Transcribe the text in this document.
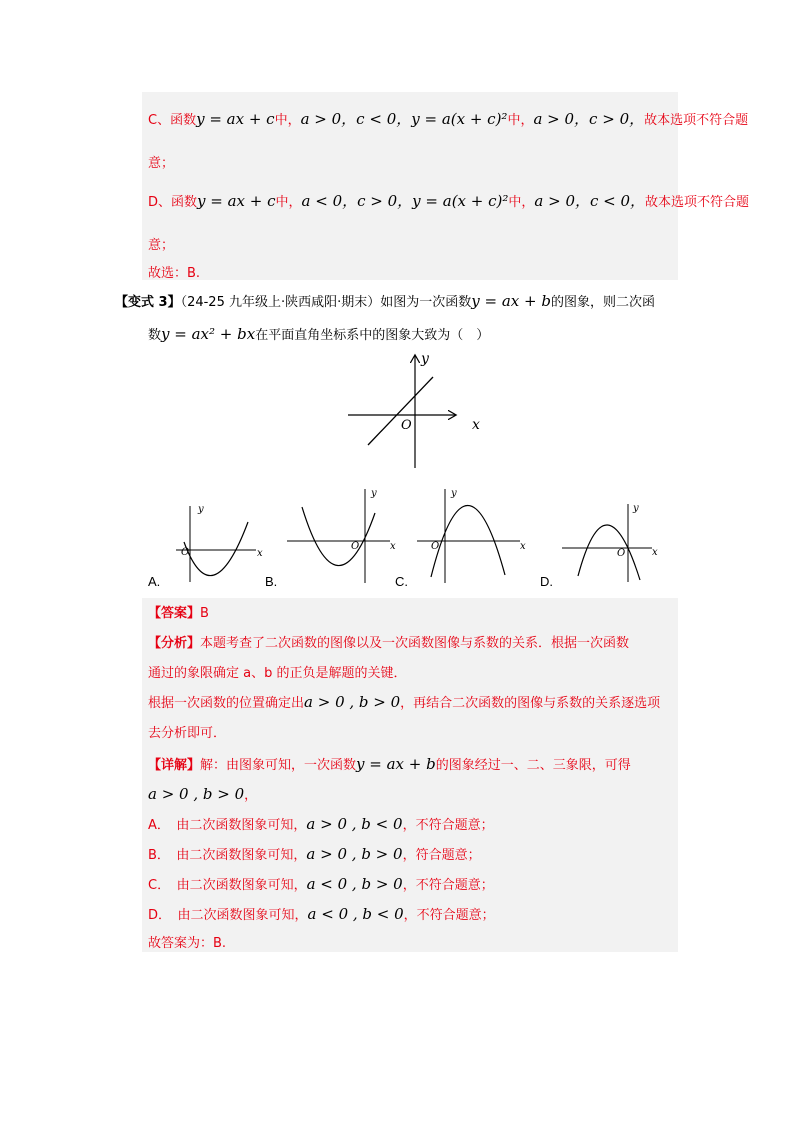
C、函数y = ax + c中，a > 0，c < 0，y = a(x + c)²中，a > 0，c > 0，故本选项不符合题
意；
D、函数y = ax + c中，a < 0，c > 0，y = a(x + c)²中，a > 0，c < 0，故本选项不符合题
意；
故选：B.
【变式 3】（24-25 九年级上·陕西咸阳·期末）如图为一次函数y = ax + b的图象，则二次函
数y = ax² + bx在平面直角坐标系中的图象大致为（　）
x
y
O
x
y
O
A.
x
y
O
B.
x
y
O
C.
x
y
O
D.
【答案】B
【分析】本题考查了二次函数的图像以及一次函数图像与系数的关系．根据一次函数
通过的象限确定 a、b 的正负是解题的关键．
根据一次函数的位置确定出a > 0 , b > 0，再结合二次函数的图像与系数的关系逐选项
去分析即可．
【详解】解：由图象可知，一次函数y = ax + b的图象经过一、二、三象限，可得
a > 0 , b > 0，
A．　由二次函数图象可知，a > 0 , b < 0，不符合题意；
B．　由二次函数图象可知，a > 0 , b > 0，符合题意；
C．　由二次函数图象可知，a < 0 , b > 0，不符合题意；
D．　由二次函数图象可知，a < 0 , b < 0，不符合题意；
故答案为：B.
